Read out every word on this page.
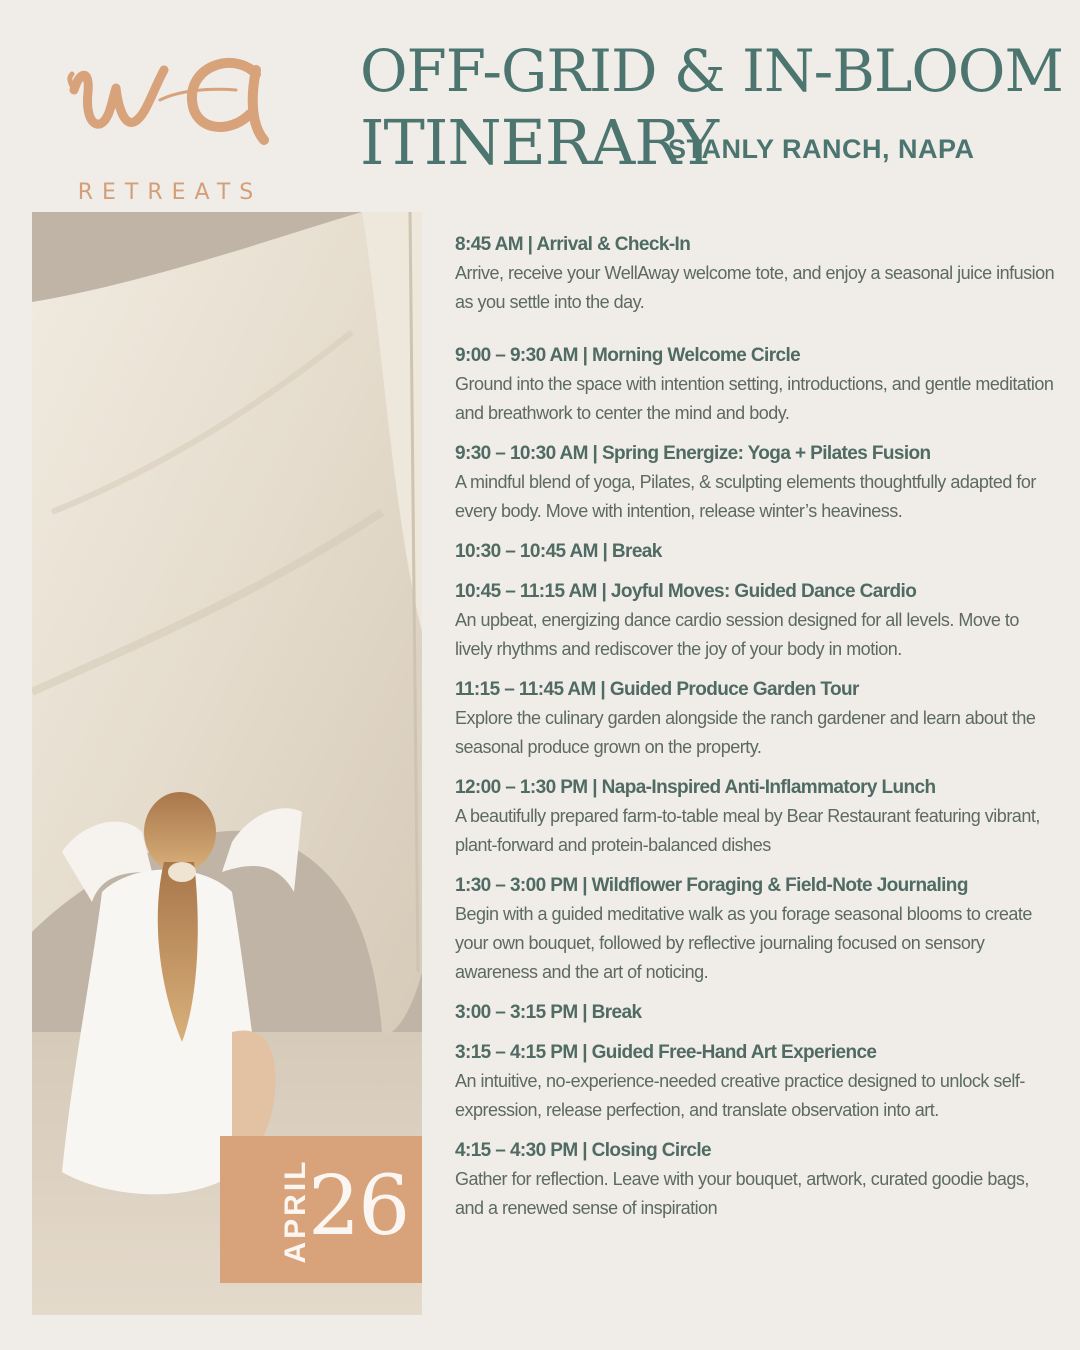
RETREATS
OFF-GRID & IN-BLOOM
ITINERARY
STANLY RANCH, NAPA
APRIL
26
8:45 AM | Arrival & Check-In
Arrive, receive your WellAway welcome tote, and enjoy a seasonal juice infusion as you settle into the day.
9:00 – 9:30 AM | Morning Welcome Circle
Ground into the space with intention setting, introductions, and gentle meditation and breathwork to center the mind and body.
9:30 – 10:30 AM | Spring Energize: Yoga + Pilates Fusion
A mindful blend of yoga, Pilates, & sculpting elements thoughtfully adapted for every body. Move with intention, release winter’s heaviness.
10:30 – 10:45 AM | Break
10:45 – 11:15 AM | Joyful Moves: Guided Dance Cardio
An upbeat, energizing dance cardio session designed for all levels. Move to lively rhythms and rediscover the joy of your body in motion.
11:15 – 11:45 AM | Guided Produce Garden Tour
Explore the culinary garden alongside the ranch gardener and learn about the seasonal produce grown on the property.
12:00 – 1:30 PM | Napa-Inspired Anti-Inflammatory Lunch
A beautifully prepared farm-to-table meal by Bear Restaurant featuring vibrant, plant-forward and protein-balanced dishes
1:30 – 3:00 PM | Wildflower Foraging & Field-Note Journaling
Begin with a guided meditative walk as you forage seasonal blooms to create your own bouquet, followed by reflective journaling focused on sensory awareness and the art of noticing.
3:00 – 3:15 PM | Break
3:15 – 4:15 PM | Guided Free-Hand Art Experience
An intuitive, no-experience-needed creative practice designed to unlock self-expression, release perfection, and translate observation into art.
4:15 – 4:30 PM | Closing Circle
Gather for reflection. Leave with your bouquet, artwork, curated goodie bags, and a renewed sense of inspiration
